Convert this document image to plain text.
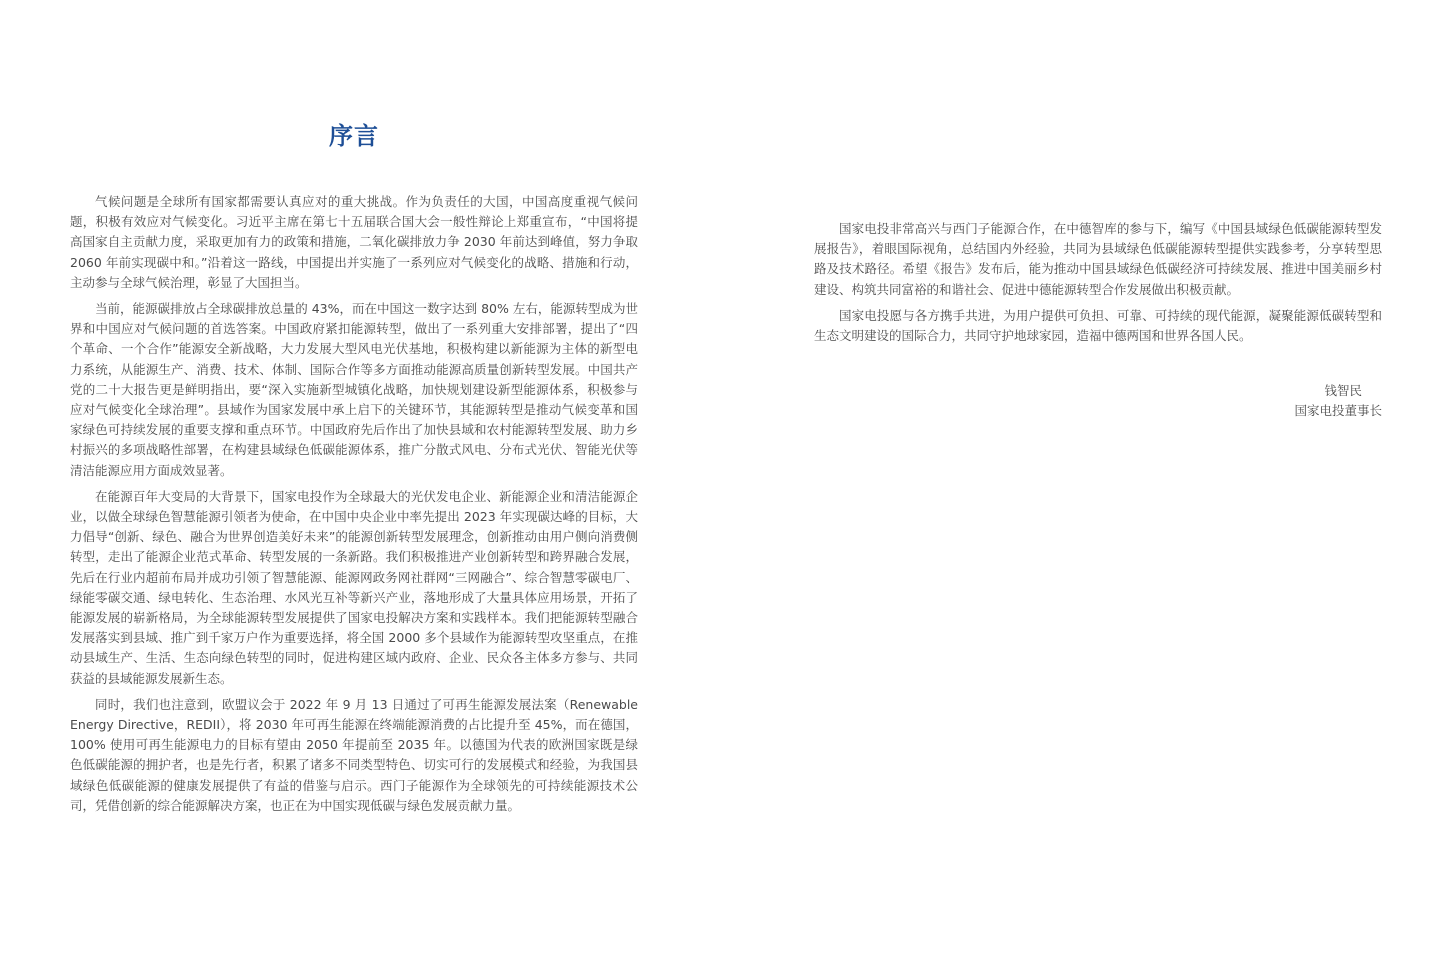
序言

气候问题是全球所有国家都需要认真应对的重大挑战。作为负责任的大国，中国高度重视气候问题，积极有效应对气候变化。习近平主席在第七十五届联合国大会一般性辩论上郑重宣布，“中国将提高国家自主贡献力度，采取更加有力的政策和措施，二氧化碳排放力争 2030 年前达到峰值，努力争取 2060 年前实现碳中和。”沿着这一路线，中国提出并实施了一系列应对气候变化的战略、措施和行动，主动参与全球气候治理，彰显了大国担当。

当前，能源碳排放占全球碳排放总量的 43%，而在中国这一数字达到 80% 左右，能源转型成为世界和中国应对气候问题的首选答案。中国政府紧扣能源转型，做出了一系列重大安排部署，提出了“四个革命、一个合作”能源安全新战略，大力发展大型风电光伏基地，积极构建以新能源为主体的新型电力系统，从能源生产、消费、技术、体制、国际合作等多方面推动能源高质量创新转型发展。中国共产党的二十大报告更是鲜明指出，要“深入实施新型城镇化战略，加快规划建设新型能源体系，积极参与应对气候变化全球治理”。县域作为国家发展中承上启下的关键环节，其能源转型是推动气候变革和国家绿色可持续发展的重要支撑和重点环节。中国政府先后作出了加快县域和农村能源转型发展、助力乡村振兴的多项战略性部署，在构建县域绿色低碳能源体系，推广分散式风电、分布式光伏、智能光伏等清洁能源应用方面成效显著。

在能源百年大变局的大背景下，国家电投作为全球最大的光伏发电企业、新能源企业和清洁能源企业，以做全球绿色智慧能源引领者为使命，在中国中央企业中率先提出 2023 年实现碳达峰的目标，大力倡导“创新、绿色、融合为世界创造美好未来”的能源创新转型发展理念，创新推动由用户侧向消费侧转型，走出了能源企业范式革命、转型发展的一条新路。我们积极推进产业创新转型和跨界融合发展，先后在行业内超前布局并成功引领了智慧能源、能源网政务网社群网“三网融合”、综合智慧零碳电厂、绿能零碳交通、绿电转化、生态治理、水风光互补等新兴产业，落地形成了大量具体应用场景，开拓了能源发展的崭新格局，为全球能源转型发展提供了国家电投解决方案和实践样本。我们把能源转型融合发展落实到县域、推广到千家万户作为重要选择，将全国 2000 多个县域作为能源转型攻坚重点，在推动县域生产、生活、生态向绿色转型的同时，促进构建区域内政府、企业、民众各主体多方参与、共同获益的县域能源发展新生态。

同时，我们也注意到，欧盟议会于 2022 年 9 月 13 日通过了可再生能源发展法案（Renewable Energy Directive，REDII），将 2030 年可再生能源在终端能源消费的占比提升至 45%，而在德国，100% 使用可再生能源电力的目标有望由 2050 年提前至 2035 年。以德国为代表的欧洲国家既是绿色低碳能源的拥护者，也是先行者，积累了诸多不同类型特色、切实可行的发展模式和经验，为我国县域绿色低碳能源的健康发展提供了有益的借鉴与启示。西门子能源作为全球领先的可持续能源技术公司，凭借创新的综合能源解决方案，也正在为中国实现低碳与绿色发展贡献力量。

国家电投非常高兴与西门子能源合作，在中德智库的参与下，编写《中国县域绿色低碳能源转型发展报告》，着眼国际视角，总结国内外经验，共同为县域绿色低碳能源转型提供实践参考，分享转型思路及技术路径。希望《报告》发布后，能为推动中国县域绿色低碳经济可持续发展、推进中国美丽乡村建设、构筑共同富裕的和谐社会、促进中德能源转型合作发展做出积极贡献。

国家电投愿与各方携手共进，为用户提供可负担、可靠、可持续的现代能源，凝聚能源低碳转型和生态文明建设的国际合力，共同守护地球家园，造福中德两国和世界各国人民。

钱智民
国家电投董事长
